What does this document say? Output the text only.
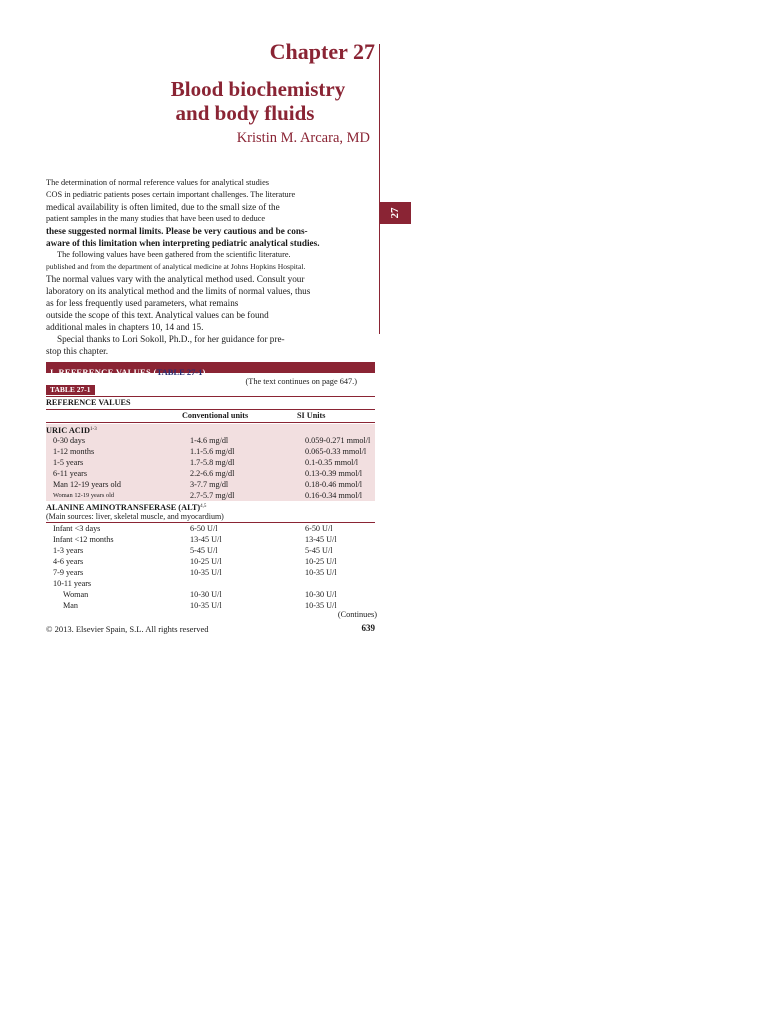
Chapter 27
Blood biochemistry
and body fluids
Kristin M. Arcara, MD
27
The determination of normal reference values for analytical studies
COS in pediatric patients poses certain important challenges. The literature
medical availability is often limited, due to the small size of the
patient samples in the many studies that have been used to deduce
these suggested normal limits. Please be very cautious and be cons-
aware of this limitation when interpreting pediatric analytical studies.
The following values have been gathered from the scientific literature.
published and from the department of analytical medicine at Johns Hopkins Hospital.
The normal values vary with the analytical method used. Consult your
laboratory on its analytical method and the limits of normal values, thus
as for less frequently used parameters, what remains
outside the scope of this text. Analytical values can be found
additional males in chapters 10, 14 and 15.
Special thanks to Lori Sokoll, Ph.D., for her guidance for pre-
stop this chapter.
I. REFERENCE VALUES (TABLE 27-1)
(The text continues on page 647.)
TABLE 27-1
REFERENCE VALUES
Conventional units	SI Units
URIC ACID$^{1-3}$
0-30 days	1-4.6 mg/dl	0.059-0.271 mmol/l
1-12 months	1.1-5.6 mg/dl	0.065-0.33 mmol/l
1-5 years	1.7-5.8 mg/dl	0.1-0.35 mmol/l
6-11 years	2.2-6.6 mg/dl	0.13-0.39 mmol/l
Man 12-19 years old	3-7.7 mg/dl	0.18-0.46 mmol/l
Woman 12-19 years old	2.7-5.7 mg/dl	0.16-0.34 mmol/l
ALANINE AMINOTRANSFERASE (ALT)$^{4,5}$
(Main sources: liver, skeletal muscle, and myocardium)
Infant <3 days	6-50 U/l	6-50 U/l
Infant <12 months	13-45 U/l	13-45 U/l
1-3 years	5-45 U/l	5-45 U/l
4-6 years	10-25 U/l	10-25 U/l
7-9 years	10-35 U/l	10-35 U/l
10-11 years
Woman	10-30 U/l	10-30 U/l
Man	10-35 U/l	10-35 U/l
(Continues)
© 2013. Elsevier Spain, S.L. All rights reserved	639
